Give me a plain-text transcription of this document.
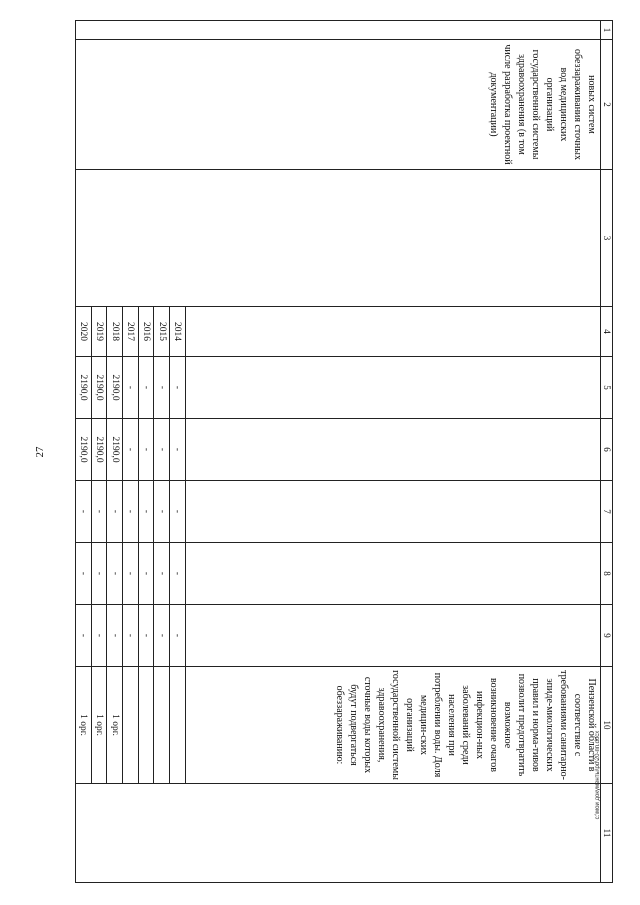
27
c:\мои документы\pd\20-пп.docx
1	2	3	4	5	6	7	8	9	10	11

	новых систем обеззараживания сточных вод медицинских организаций государственной системы здравоохранения (в том числе разработка проектной документации)								Пензенской области в соответствие с требованиями санитарно-эпиде-миологических правил и норма-тивов позволит предотвратить возможное возникновение очагов инфекцион-ных заболеваний среди населения при потреблении воды. Доля медицин-ских организаций государственной системы здравоохранения, сточные воды которых будут подвергаться обеззараживанию:	

			2014	-	-	-	-	-		
			2015	-	-	-	-	-		
			2016	-	-	-	-	-		
			2017	-	-	-	-	-		
			2018	2190,0	2190,0	-	-	-	1 орг.	
			2019	2190,0	2190,0	-	-	-	1 орг.	
			2020	2190,0	2190,0	-	-	-	1 орг.	
